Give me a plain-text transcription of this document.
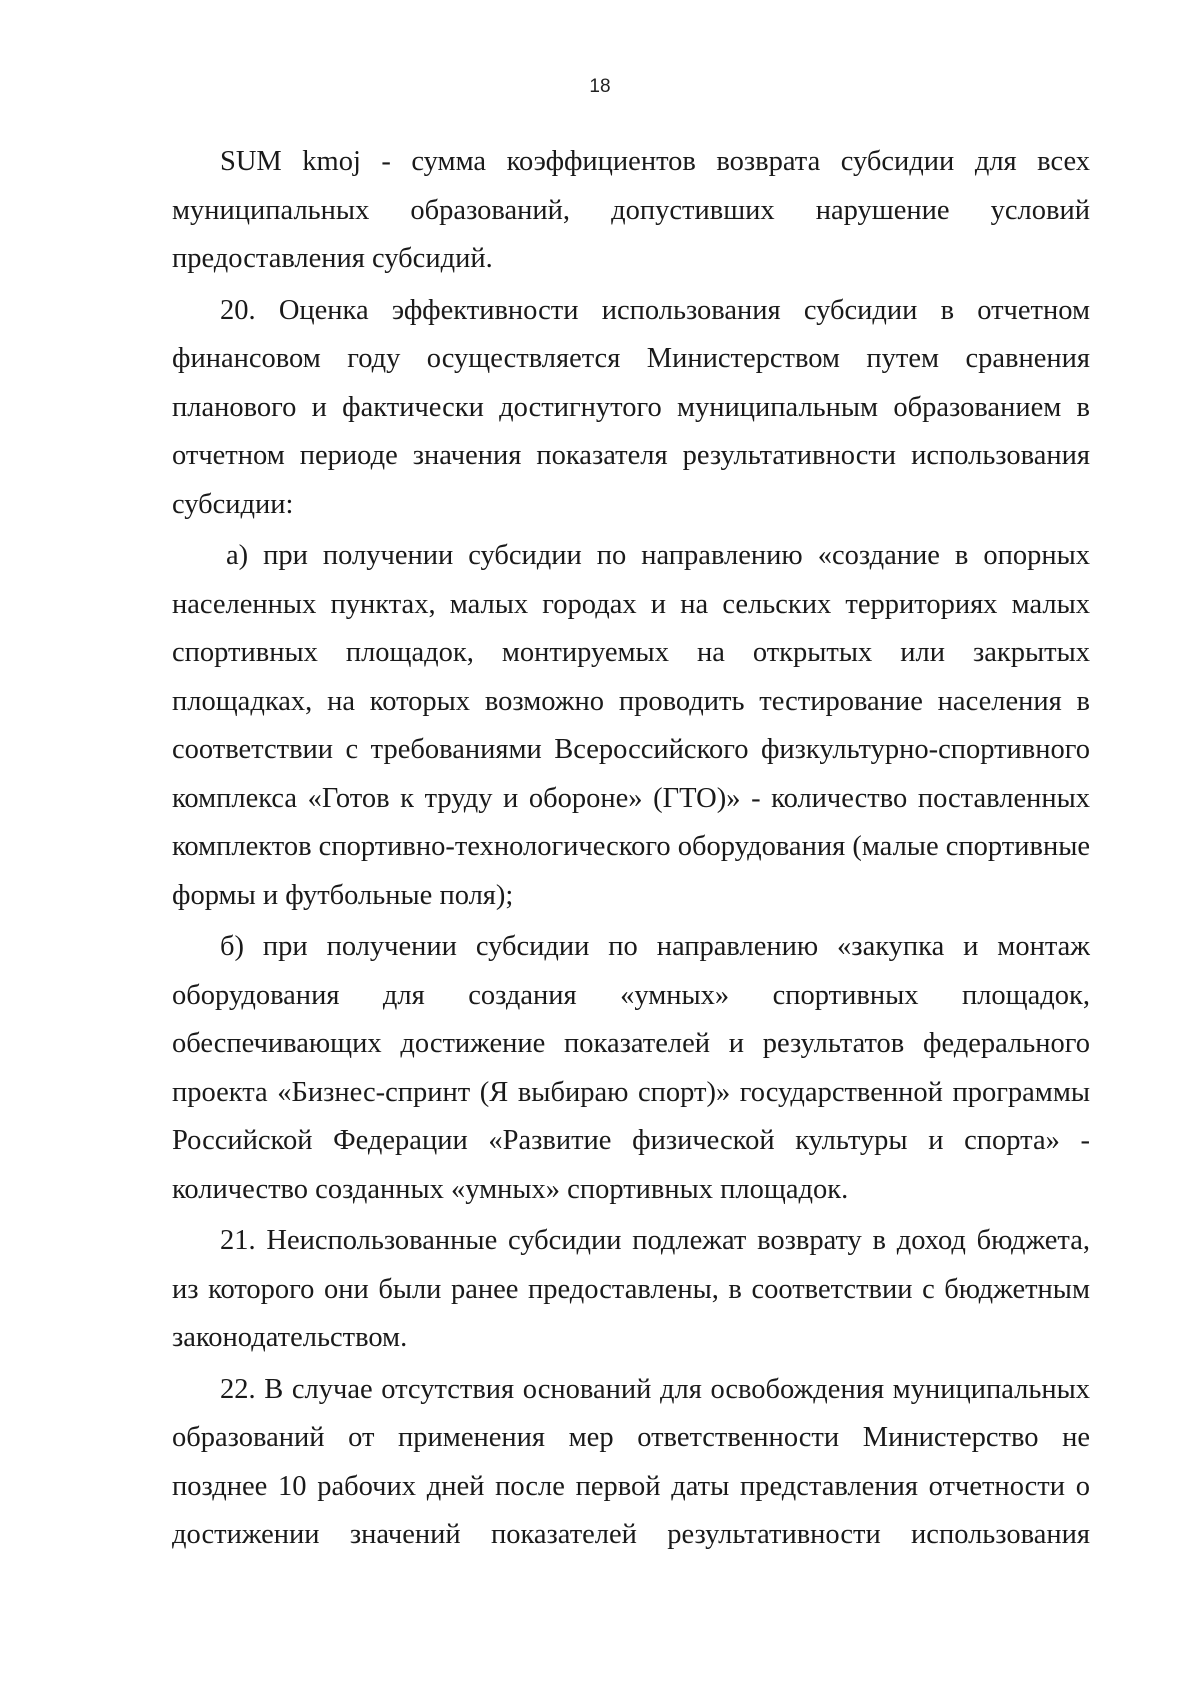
18

SUM kmoj - сумма коэффициентов возврата субсидии для всех муниципальных образований, допустивших нарушение условий предоставления субсидий.

20. Оценка эффективности использования субсидии в отчетном финансовом году осуществляется Министерством путем сравнения планового и фактически достигнутого муниципальным образованием в отчетном периоде значения показателя результативности использования субсидии:

а) при получении субсидии по направлению «создание в опорных населенных пунктах, малых городах и на сельских территориях малых спортивных площадок, монтируемых на открытых или закрытых площадках, на которых возможно проводить тестирование населения в соответствии с требованиями Всероссийского физкультурно-спортивного комплекса «Готов к труду и обороне» (ГТО)» - количество поставленных комплектов спортивно-технологического оборудования (малые спортивные формы и футбольные поля);

б) при получении субсидии по направлению «закупка и монтаж оборудования для создания «умных» спортивных площадок, обеспечивающих достижение показателей и результатов федерального проекта «Бизнес-спринт (Я выбираю спорт)» государственной программы Российской Федерации «Развитие физической культуры и спорта» - количество созданных «умных» спортивных площадок.

21. Неиспользованные субсидии подлежат возврату в доход бюджета, из которого они были ранее предоставлены, в соответствии с бюджетным законодательством.

22. В случае отсутствия оснований для освобождения муниципальных образований от применения мер ответственности Министерство не позднее 10 рабочих дней после первой даты представления отчетности о достижении значений показателей результативности использования
